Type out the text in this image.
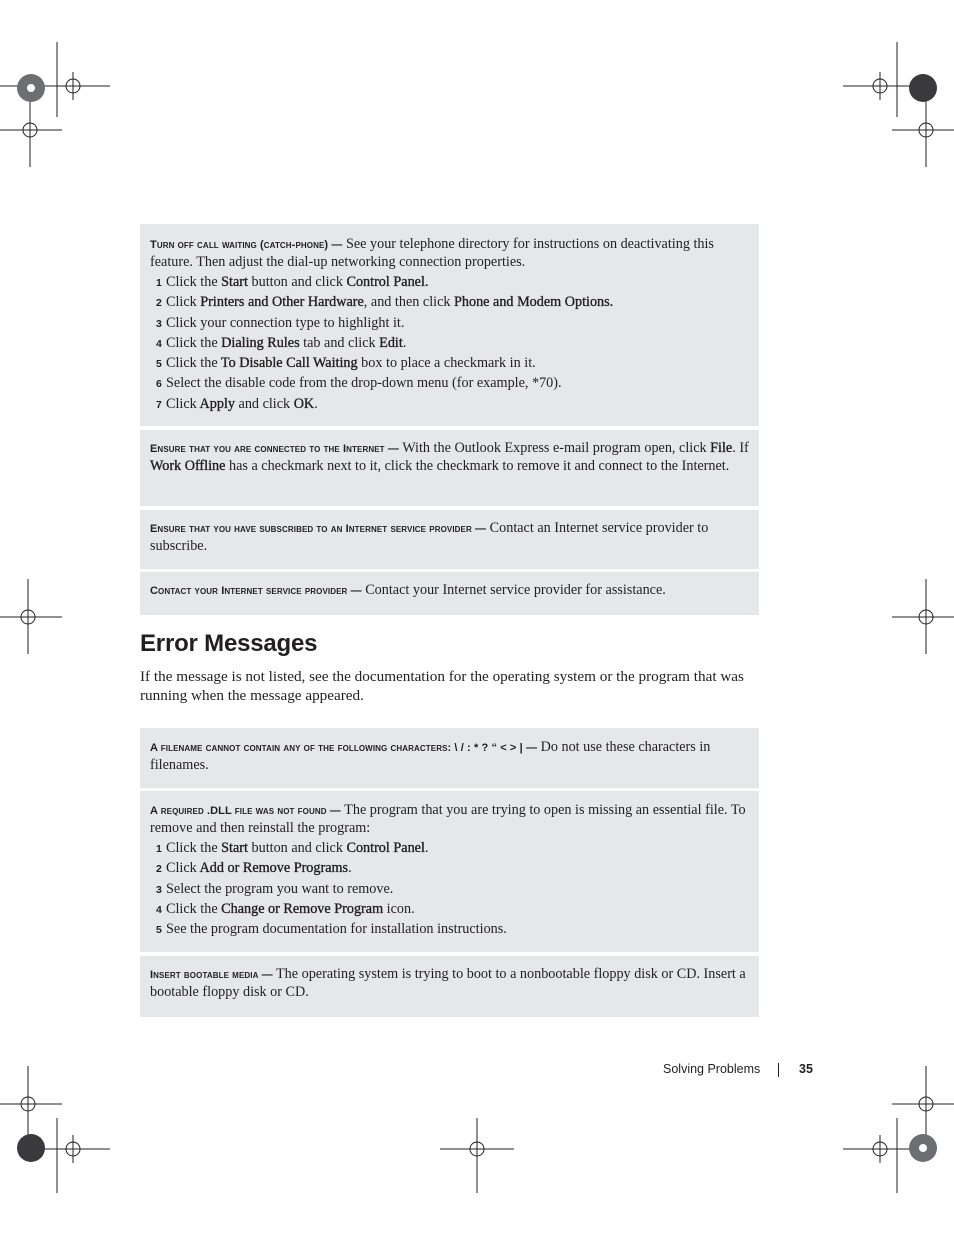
Turn off call waiting (catch-phone) — See your telephone directory for instructions on deactivating this feature. Then adjust the dial-up networking connection properties.

1 Click the Start button and click Control Panel.

2 Click Printers and Other Hardware, and then click Phone and Modem Options.

3 Click your connection type to highlight it.

4 Click the Dialing Rules tab and click Edit.

5 Click the To Disable Call Waiting box to place a checkmark in it.

6 Select the disable code from the drop-down menu (for example, *70).

7 Click Apply and click OK.

Ensure that you are connected to the Internet — With the Outlook Express e-mail program open, click File. If Work Offline has a checkmark next to it, click the checkmark to remove it and connect to the Internet.

Ensure that you have subscribed to an Internet service provider — Contact an Internet service provider to subscribe.

Contact your Internet service provider — Contact your Internet service provider for assistance.

Error Messages

If the message is not listed, see the documentation for the operating system or the program that was running when the message appeared.

A filename cannot contain any of the following characters: \ / : * ? “ < > | — Do not use these characters in filenames.

A required .DLL file was not found — The program that you are trying to open is missing an essential file. To remove and then reinstall the program:

1 Click the Start button and click Control Panel.

2 Click Add or Remove Programs.

3 Select the program you want to remove.

4 Click the Change or Remove Program icon.

5 See the program documentation for installation instructions.

Insert bootable media — The operating system is trying to boot to a nonbootable floppy disk or CD. Insert a bootable floppy disk or CD.

Solving Problems	35
